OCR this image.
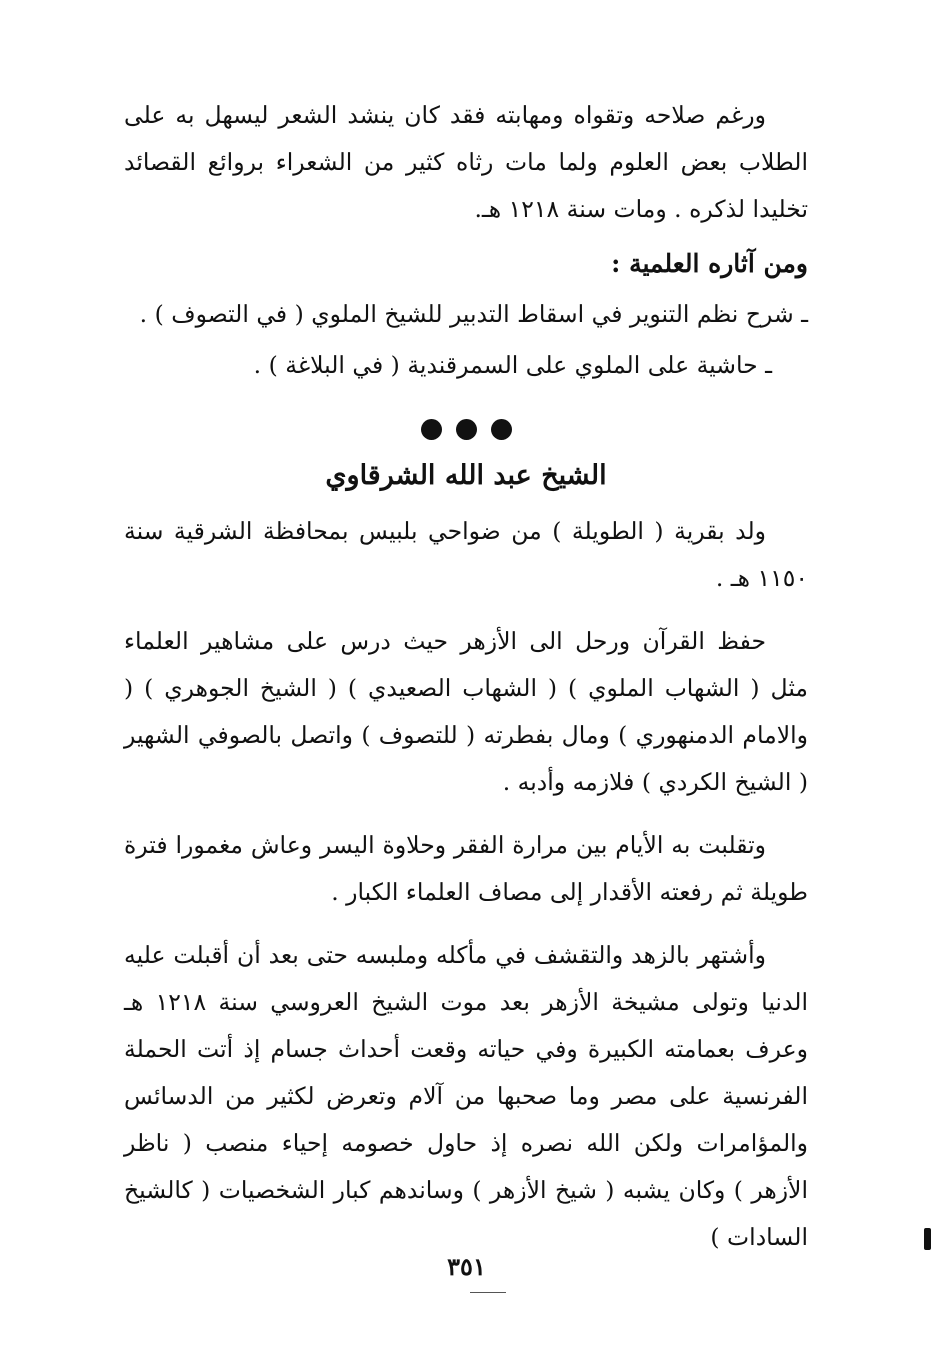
ورغم صلاحه وتقواه ومهابته فقد كان ينشد الشعر ليسهل به على الطلاب بعض العلوم ولما مات رثاه كثير من الشعراء بروائع القصائد تخليدا لذكره . ومات سنة ١٢١٨ هـ.

ومن آثاره العلمية :

ـ شرح نظم التنوير في اسقاط التدبير للشيخ الملوي ( في التصوف ) .

ـ حاشية على الملوي على السمرقندية ( في البلاغة ) .

الشيخ عبد الله الشرقاوي

ولد بقرية ( الطويلة ) من ضواحي بلبيس بمحافظة الشرقية سنة ١١٥٠ هـ .

حفظ القرآن ورحل الى الأزهر حيث درس على مشاهير العلماء مثل ( الشهاب الملوي ) ( الشهاب الصعيدي ) ( الشيخ الجوهري ) ( والامام الدمنهوري ) ومال بفطرته ( للتصوف ) واتصل بالصوفي الشهير ( الشيخ الكردي ) فلازمه وأدبه .

وتقلبت به الأيام بين مرارة الفقر وحلاوة اليسر وعاش مغمورا فترة طويلة ثم رفعته الأقدار إلى مصاف العلماء الكبار .

وأشتهر بالزهد والتقشف في مأكله وملبسه حتى بعد أن أقبلت عليه الدنيا وتولى مشيخة الأزهر بعد موت الشيخ العروسي سنة ١٢١٨ هـ وعرف بعمامته الكبيرة وفي حياته وقعت أحداث جسام إذ أتت الحملة الفرنسية على مصر وما صحبها من آلام وتعرض لكثير من الدسائس والمؤامرات ولكن الله نصره إذ حاول خصومه إحياء منصب ( ناظر الأزهر ) وكان يشبه ( شيخ الأزهر ) وساندهم كبار الشخصيات ( كالشيخ السادات )

٣٥١
